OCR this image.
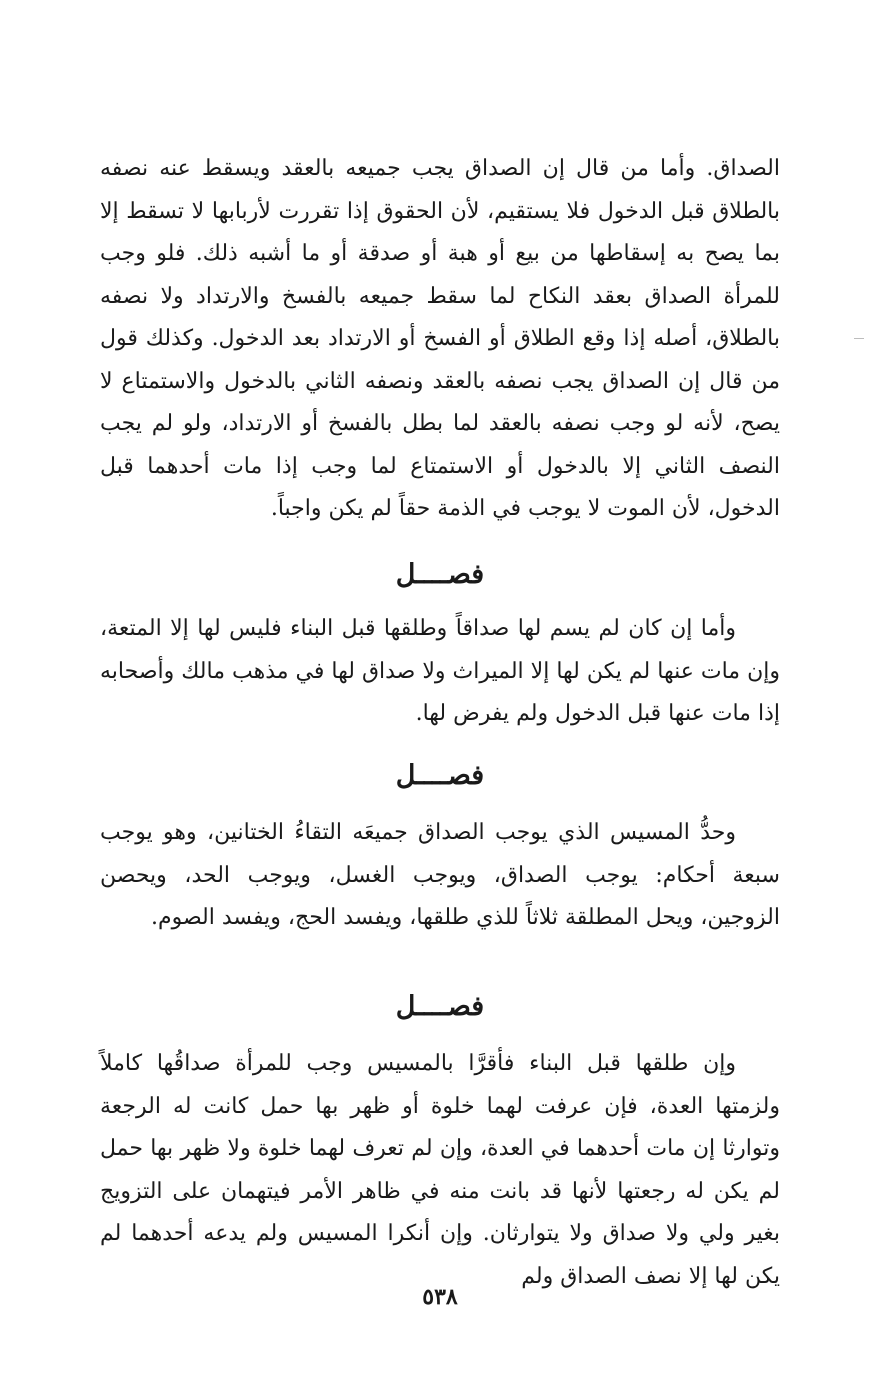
الصداق. وأما من قال إن الصداق يجب جميعه بالعقد ويسقط عنه نصفه بالطلاق قبل الدخول فلا يستقيم، لأن الحقوق إذا تقررت لأربابها لا تسقط إلا بما يصح به إسقاطها من بيع أو هبة أو صدقة أو ما أشبه ذلك. فلو وجب للمرأة الصداق بعقد النكاح لما سقط جميعه بالفسخ والارتداد ولا نصفه بالطلاق، أصله إذا وقع الطلاق أو الفسخ أو الارتداد بعد الدخول. وكذلك قول من قال إن الصداق يجب نصفه بالعقد ونصفه الثاني بالدخول والاستمتاع لا يصح، لأنه لو وجب نصفه بالعقد لما بطل بالفسخ أو الارتداد، ولو لم يجب النصف الثاني إلا بالدخول أو الاستمتاع لما وجب إذا مات أحدهما قبل الدخول، لأن الموت لا يوجب في الذمة حقاً لم يكن واجباً.

فصــــل

وأما إن كان لم يسم لها صداقاً وطلقها قبل البناء فليس لها إلا المتعة، وإن مات عنها لم يكن لها إلا الميراث ولا صداق لها في مذهب مالك وأصحابه إذا مات عنها قبل الدخول ولم يفرض لها.

فصــــل

وحدُّ المسيس الذي يوجب الصداق جميعَه التقاءُ الختانين، وهو يوجب سبعة أحكام: يوجب الصداق، ويوجب الغسل، ويوجب الحد، ويحصن الزوجين، ويحل المطلقة ثلاثاً للذي طلقها، ويفسد الحج، ويفسد الصوم.

فصــــل

وإن طلقها قبل البناء فأقرَّا بالمسيس وجب للمرأة صداقُها كاملاً ولزمتها العدة، فإن عرفت لهما خلوة أو ظهر بها حمل كانت له الرجعة وتوارثا إن مات أحدهما في العدة، وإن لم تعرف لهما خلوة ولا ظهر بها حمل لم يكن له رجعتها لأنها قد بانت منه في ظاهر الأمر فيتهمان على التزويج بغير ولي ولا صداق ولا يتوارثان. وإن أنكرا المسيس ولم يدعه أحدهما لم يكن لها إلا نصف الصداق ولم

٥٣٨
